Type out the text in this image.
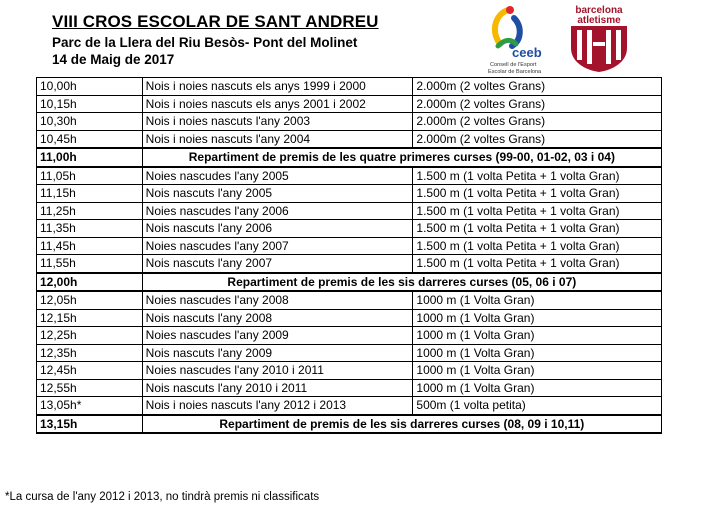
VIII CROS ESCOLAR DE SANT ANDREU

Parc de la Llera del Riu Besòs- Pont del Molinet

14 de Maig de 2017	ceeb
Consell de l'Esport
Escolar de Barcelona
barcelona
atletisme
10,00h	Nois i noies nascuts els anys 1999 i 2000	2.000m (2 voltes Grans)
10,15h	Nois i noies nascuts els anys 2001 i 2002	2.000m (2 voltes Grans)
10,30h	Nois i noies nascuts l'any 2003	2.000m (2 voltes Grans)
10,45h	Nois i noies nascuts l'any 2004	2.000m (2 voltes Grans)
11,00h	Repartiment de premis de les quatre primeres curses (99-00, 01-02, 03 i 04)	
11,05h	Noies nascudes l'any 2005	1.500 m (1 volta Petita + 1 volta Gran)
11,15h	Nois nascuts l'any 2005	1.500 m (1 volta Petita + 1 volta Gran)
11,25h	Noies nascudes l'any 2006	1.500 m (1 volta Petita + 1 volta Gran)
11,35h	Nois nascuts l'any 2006	1.500 m (1 volta Petita + 1 volta Gran)
11,45h	Noies nascudes l'any 2007	1.500 m (1 volta Petita + 1 volta Gran)
11,55h	Nois nascuts l'any 2007	1.500 m (1 volta Petita + 1 volta Gran)
12,00h	Repartiment de premis de les sis darreres curses (05, 06 i 07)	
12,05h	Noies nascudes l'any 2008	1000 m (1 Volta Gran)
12,15h	Nois nascuts l'any 2008	1000 m (1 Volta Gran)
12,25h	Noies nascudes l'any 2009	1000 m (1 Volta Gran)
12,35h	Nois nascuts l'any 2009	1000 m (1 Volta Gran)
12,45h	Noies nascudes l'any 2010 i 2011	1000 m (1 Volta Gran)
12,55h	Nois nascuts l'any 2010 i 2011	1000 m (1 Volta Gran)
13,05h*	Nois i noies nascuts l'any 2012 i 2013	500m (1 volta petita)
13,15h	Repartiment de premis de les sis darreres curses (08, 09 i 10,11)	
*La cursa de l'any 2012 i 2013, no tindrà premis ni classificats
